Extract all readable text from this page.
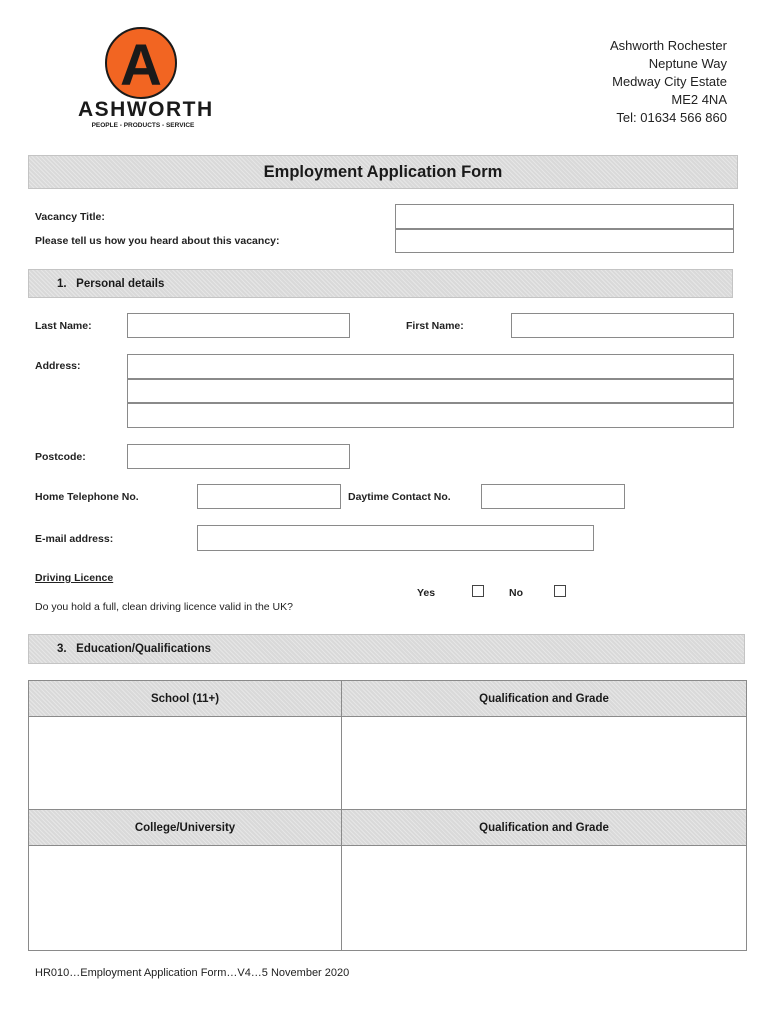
A
ASHWORTH
PEOPLE - PRODUCTS - SERVICE
Ashworth Rochester
Neptune Way
Medway City Estate
ME2 4NA
Tel: 01634 566 860
Employment Application Form
Vacancy Title:
Please tell us how you heard about this vacancy:
1.   Personal details
Last Name:	First Name:
Address:
Postcode:
Home Telephone No.	Daytime Contact No.
E-mail address:
Driving Licence
Do you hold a full, clean driving licence valid in the UK?
Yes	No
3.   Education/Qualifications
School (11+)	Qualification and Grade
College/University	Qualification and Grade
HR010…Employment Application Form…V4…5 November 2020
